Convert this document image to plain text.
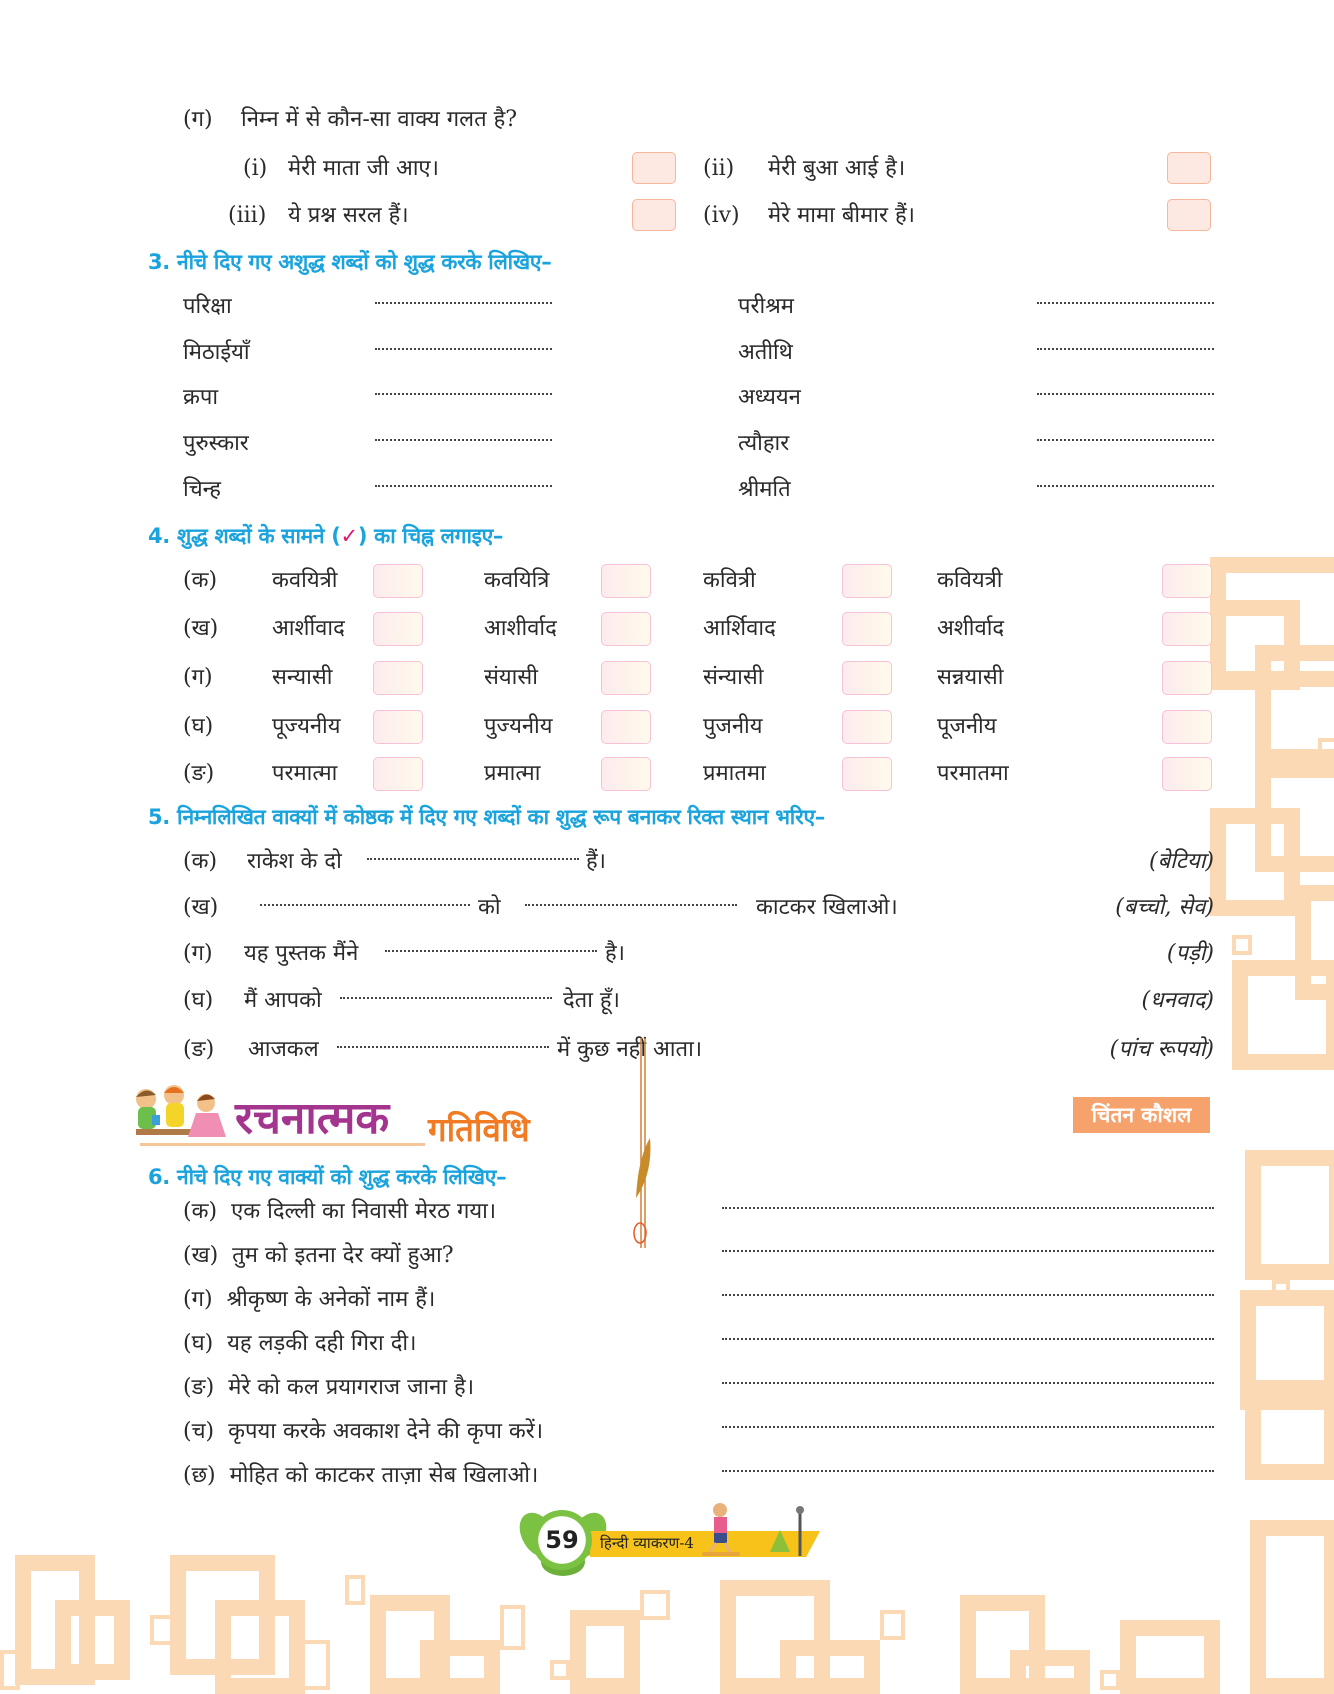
(ग) निम्न में से कौन-सा वाक्य गलत है?
(i) मेरी माता जी आए।	(ii) मेरी बुआ आई है।
(iii) ये प्रश्न सरल हैं।	(iv) मेरे मामा बीमार हैं।
3. नीचे दिए गए अशुद्ध शब्दों को शुद्ध करके लिखिए–
परिक्षा	परीश्रम
मिठाईयाँ	अतीथि
क्रपा	अध्ययन
पुरुस्कार	त्यौहार
चिन्ह	श्रीमति
4. शुद्ध शब्दों के सामने (✓) का चिह्न लगाइए–
(क) कवयित्री	कवयित्रि	कवित्री	कवियत्री
(ख) आर्शीवाद	आशीर्वाद	आर्शिवाद	अशीर्वाद
(ग)	सन्यासी	संयासी	संन्यासी	सन्नयासी
(घ)	पूज्यनीय	पुज्यनीय	पुजनीय	पूजनीय
(ङ)	परमात्मा	प्रमात्मा	प्रमातमा	परमातमा
5. निम्नलिखित वाक्यों में कोष्ठक में दिए गए शब्दों का शुद्ध रूप बनाकर रिक्त स्थान भरिए–
(क) राकेश के दो	हैं।	(बेटिया)
(ख)	को	काटकर खिलाओ।	(बच्चो, सेव)
(ग) यह पुस्तक मैंने	है।	(पड़ी)
(घ) मैं आपको	देता हूँ।	(धनवाद)
(ङ) आजकल	में कुछ नहीं आता।	(पांच रूपयो)
रचनात्मक गतिविधि	चिंतन कौशल
6. नीचे दिए गए वाक्यों को शुद्ध करके लिखिए–
(क) एक दिल्ली का निवासी मेरठ गया।
(ख) तुम को इतना देर क्यों हुआ?
(ग) श्रीकृष्ण के अनेकों नाम हैं।
(घ) यह लड़की दही गिरा दी।
(ङ) मेरे को कल प्रयागराज जाना है।
(च) कृपया करके अवकाश देने की कृपा करें।
(छ) मोहित को काटकर ताज़ा सेब खिलाओ।
59	हिन्दी व्याकरण-4
